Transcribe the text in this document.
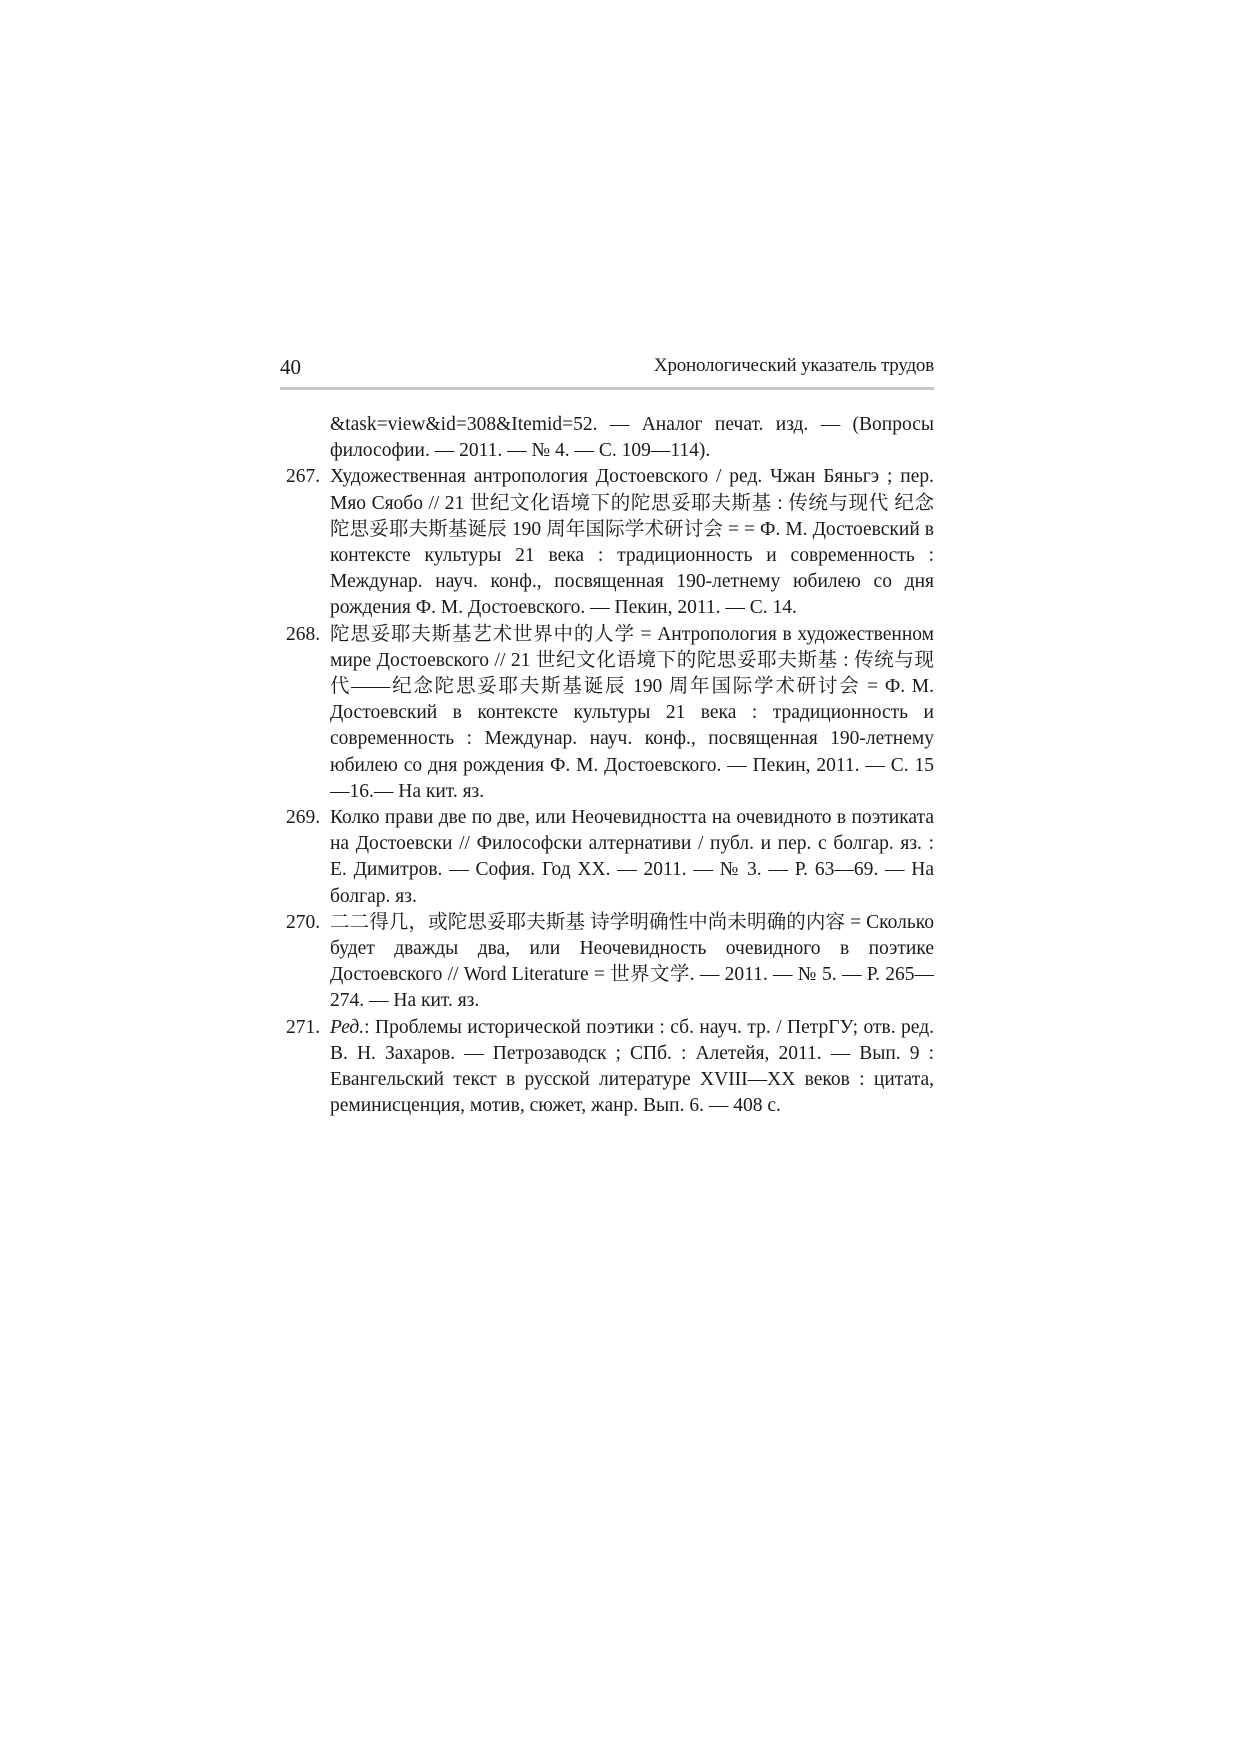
40	Хронологический указатель трудов

&task=view&id=308&Itemid=52. — Аналог печат. изд. — (Вопросы философии. — 2011. — № 4. — С. 109—114).

267. Художественная антропология Достоевского / ред. Чжан Бяньгэ ; пер. Мяо Сяобо // 21 世纪文化语境下的陀思妥耶夫斯基 : 传统与现代 纪念陀思妥耶夫斯基诞辰 190 周年国际学术研讨会 = = Ф. М. Достоевский в контексте культуры 21 века : традиционность и современность : Междунар. науч. конф., посвященная 190-летнему юбилею со дня рождения Ф. М. Достоевского. — Пекин, 2011. — С. 14.

268. 陀思妥耶夫斯基艺术世界中的人学 = Антропология в художественном мире Достоевского // 21 世纪文化语境下的陀思妥耶夫斯基 : 传统与现代——纪念陀思妥耶夫斯基诞辰 190 周年国际学术研讨会 = Ф. М. Достоевский в контексте культуры 21 века : традиционность и современность : Междунар. науч. конф., посвященная 190-летнему юбилею со дня рождения Ф. М. Достоевского. — Пекин, 2011. — С. 15—16.— На кит. яз.

269. Колко прави две по две, или Неочевидността на очевидното в поэтиката на Достоевски // Философски алтернативи / публ. и пер. с болгар. яз. : Е. Димитров. — София. Год XX. — 2011. — № 3. — Р. 63—69. — На болгар. яз.

270. 二二得几，或陀思妥耶夫斯基 诗学明确性中尚未明确的内容 = Сколько будет дважды два, или Неочевидность очевидного в поэтике Достоевского // Word Literature = 世界文学. — 2011. — № 5. — Р. 265—274. — На кит. яз.

271. Ред.: Проблемы исторической поэтики : сб. науч. тр. / ПетрГУ; отв. ред. В. Н. Захаров. — Петрозаводск ; СПб. : Алетейя, 2011. — Вып. 9 : Евангельский текст в русской литературе XVIII—XX веков : цитата, реминисценция, мотив, сюжет, жанр. Вып. 6. — 408 с.
